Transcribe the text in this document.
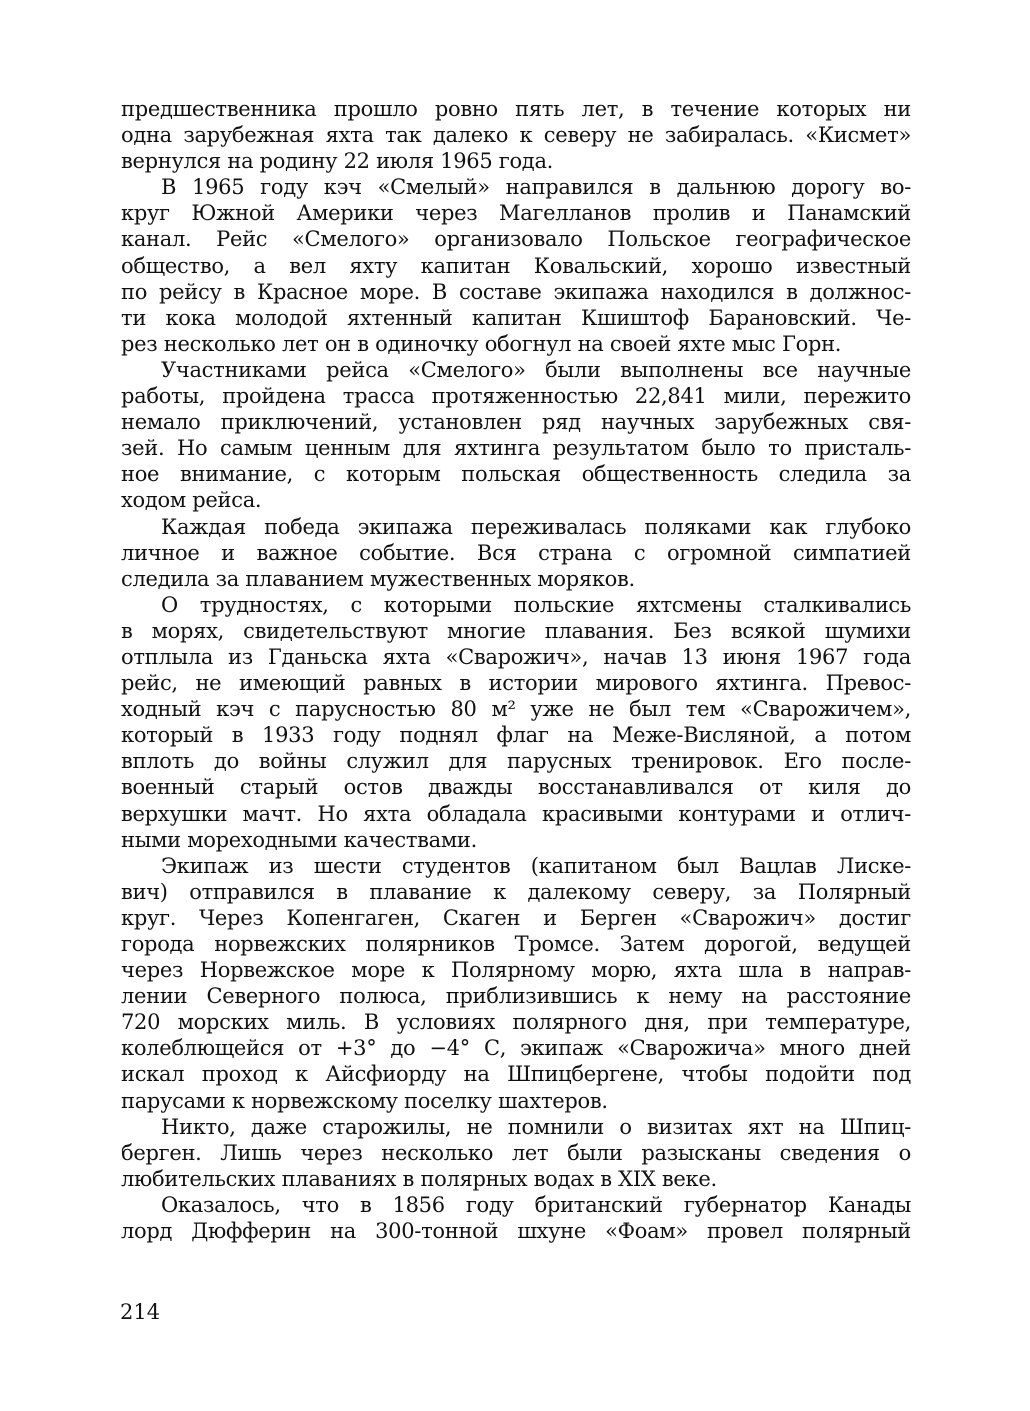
предшественника прошло ровно пять лет, в течение которых ни
одна зарубежная яхта так далеко к северу не забиралась. «Кисмет»
вернулся на родину 22 июля 1965 года.
В 1965 году кэч «Смелый» направился в дальнюю дорогу во-
круг Южной Америки через Магелланов пролив и Панамский
канал. Рейс «Смелого» организовало Польское географическое
общество, а вел яхту капитан Ковальский, хорошо известный
по рейсу в Красное море. В составе экипажа находился в должнос-
ти кока молодой яхтенный капитан Кшиштоф Барановский. Че-
рез несколько лет он в одиночку обогнул на своей яхте мыс Горн.
Участниками рейса «Смелого» были выполнены все научные
работы, пройдена трасса протяженностью 22,841 мили, пережито
немало приключений, установлен ряд научных зарубежных свя-
зей. Но самым ценным для яхтинга результатом было то присталь-
ное внимание, с которым польская общественность следила за
ходом рейса.
Каждая победа экипажа переживалась поляками как глубоко
личное и важное событие. Вся страна с огромной симпатией
следила за плаванием мужественных моряков.
О трудностях, с которыми польские яхтсмены сталкивались
в морях, свидетельствуют многие плавания. Без всякой шумихи
отплыла из Гданьска яхта «Сварожич», начав 13 июня 1967 года
рейс, не имеющий равных в истории мирового яхтинга. Превос-
ходный кэч с парусностью 80 м² уже не был тем «Сварожичем»,
который в 1933 году поднял флаг на Меже-Висляной, а потом
вплоть до войны служил для парусных тренировок. Его после-
военный старый остов дважды восстанавливался от киля до
верхушки мачт. Но яхта обладала красивыми контурами и отлич-
ными мореходными качествами.
Экипаж из шести студентов (капитаном был Вацлав Лиске-
вич) отправился в плавание к далекому северу, за Полярный
круг. Через Копенгаген, Скаген и Берген «Сварожич» достиг
города норвежских полярников Тромсе. Затем дорогой, ведущей
через Норвежское море к Полярному морю, яхта шла в направ-
лении Северного полюса, приблизившись к нему на расстояние
720 морских миль. В условиях полярного дня, при температуре,
колеблющейся от +3° до −4° С, экипаж «Сварожича» много дней
искал проход к Айсфиорду на Шпицбергене, чтобы подойти под
парусами к норвежскому поселку шахтеров.
Никто, даже старожилы, не помнили о визитах яхт на Шпиц-
берген. Лишь через несколько лет были разысканы сведения о
любительских плаваниях в полярных водах в XIX веке.
Оказалось, что в 1856 году британский губернатор Канады
лорд Дюфферин на 300-тонной шхуне «Фоам» провел полярный
214
